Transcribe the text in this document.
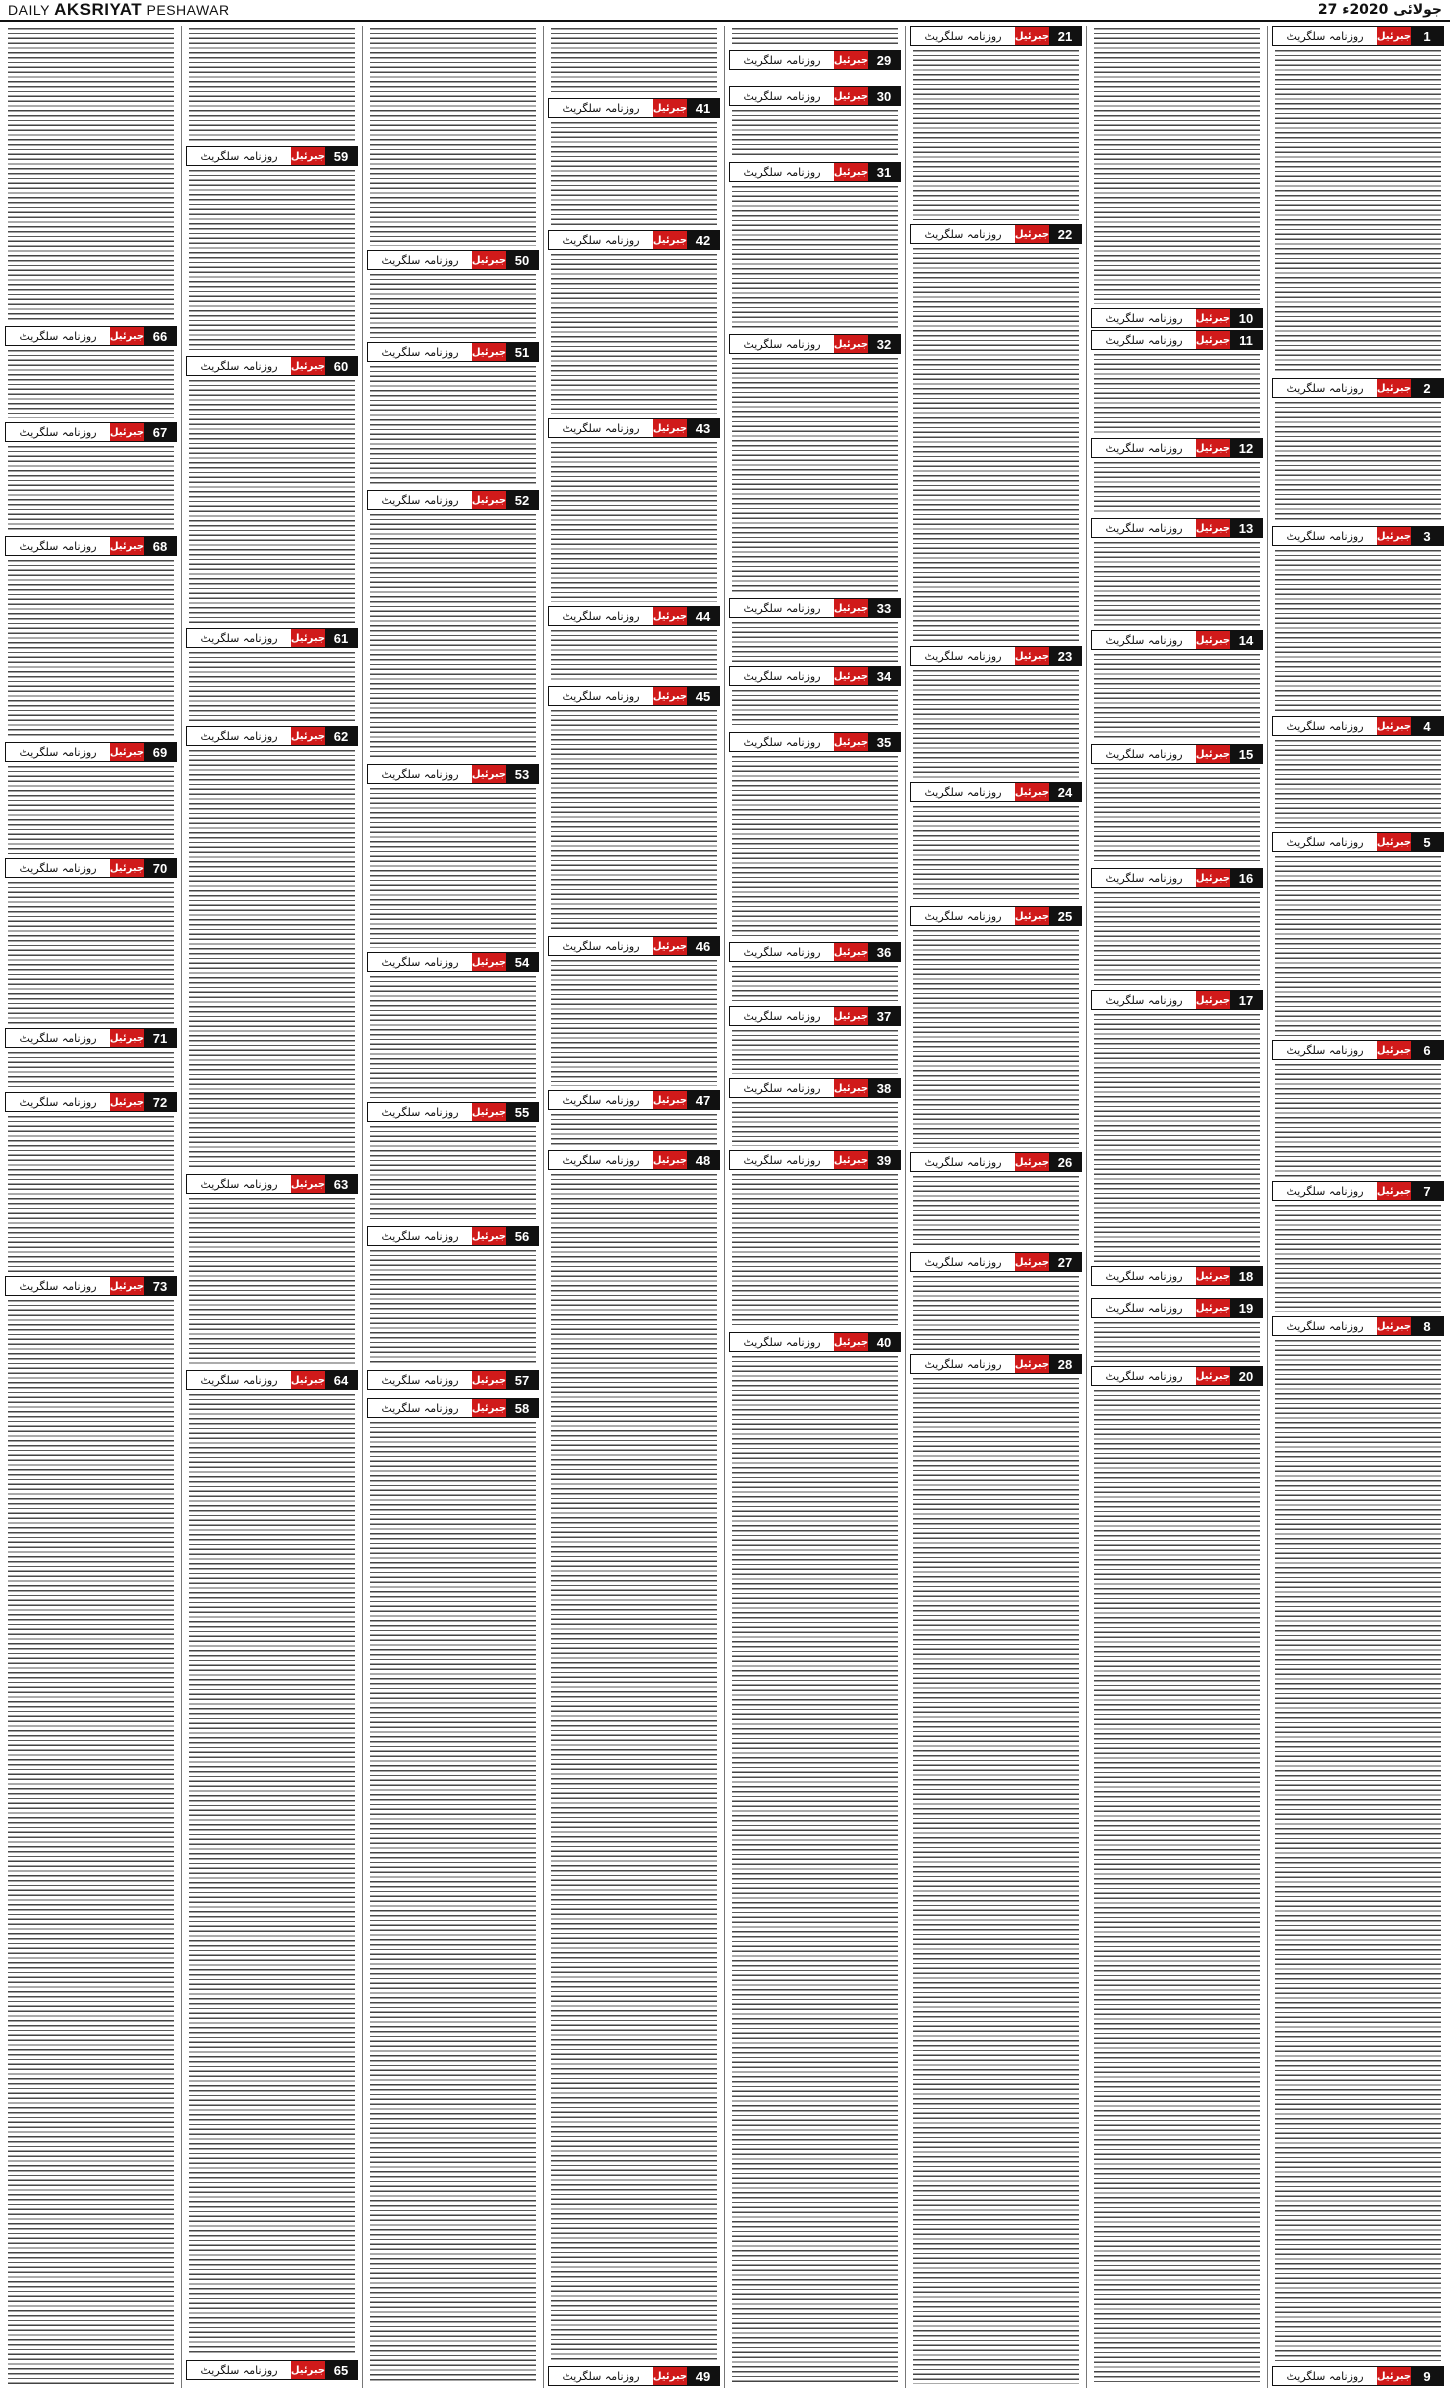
DAILY AKSRIYAT PESHAWAR	27 جولائی 2020ء
روزنامہ سلگریٹ	جبرئیل 1
روزنامہ سلگریٹ	جبرئیل 2
روزنامہ سلگریٹ	جبرئیل 3
روزنامہ سلگریٹ	جبرئیل 4
روزنامہ سلگریٹ	جبرئیل 5
روزنامہ سلگریٹ	جبرئیل 6
روزنامہ سلگریٹ	جبرئیل 7
روزنامہ سلگریٹ	جبرئیل 8
روزنامہ سلگریٹ	جبرئیل 9
روزنامہ سلگریٹ	جبرئیل 10
روزنامہ سلگریٹ	جبرئیل 11
روزنامہ سلگریٹ	جبرئیل 12
روزنامہ سلگریٹ	جبرئیل 13
روزنامہ سلگریٹ	جبرئیل 14
روزنامہ سلگریٹ	جبرئیل 15
روزنامہ سلگریٹ	جبرئیل 16
روزنامہ سلگریٹ	جبرئیل 17
روزنامہ سلگریٹ	جبرئیل 18
روزنامہ سلگریٹ	جبرئیل 19
روزنامہ سلگریٹ	جبرئیل 20
روزنامہ سلگریٹ	جبرئیل 21
روزنامہ سلگریٹ	جبرئیل 22
روزنامہ سلگریٹ	جبرئیل 23
روزنامہ سلگریٹ	جبرئیل 24
روزنامہ سلگریٹ	جبرئیل 25
روزنامہ سلگریٹ	جبرئیل 26
روزنامہ سلگریٹ	جبرئیل 27
روزنامہ سلگریٹ	جبرئیل 28
روزنامہ سلگریٹ	جبرئیل 29
روزنامہ سلگریٹ	جبرئیل 30
روزنامہ سلگریٹ	جبرئیل 31
روزنامہ سلگریٹ	جبرئیل 32
روزنامہ سلگریٹ	جبرئیل 33
روزنامہ سلگریٹ	جبرئیل 34
روزنامہ سلگریٹ	جبرئیل 35
روزنامہ سلگریٹ	جبرئیل 36
روزنامہ سلگریٹ	جبرئیل 37
روزنامہ سلگریٹ	جبرئیل 38
روزنامہ سلگریٹ	جبرئیل 39
روزنامہ سلگریٹ	جبرئیل 40
روزنامہ سلگریٹ	جبرئیل 41
روزنامہ سلگریٹ	جبرئیل 42
روزنامہ سلگریٹ	جبرئیل 43
روزنامہ سلگریٹ	جبرئیل 44
روزنامہ سلگریٹ	جبرئیل 45
روزنامہ سلگریٹ	جبرئیل 46
روزنامہ سلگریٹ	جبرئیل 47
روزنامہ سلگریٹ	جبرئیل 48
روزنامہ سلگریٹ	جبرئیل 49
روزنامہ سلگریٹ	جبرئیل 50
روزنامہ سلگریٹ	جبرئیل 51
روزنامہ سلگریٹ	جبرئیل 52
روزنامہ سلگریٹ	جبرئیل 53
روزنامہ سلگریٹ	جبرئیل 54
روزنامہ سلگریٹ	جبرئیل 55
روزنامہ سلگریٹ	جبرئیل 56
روزنامہ سلگریٹ	جبرئیل 57
روزنامہ سلگریٹ	جبرئیل 58
روزنامہ سلگریٹ	جبرئیل 59
روزنامہ سلگریٹ	جبرئیل 60
روزنامہ سلگریٹ	جبرئیل 61
روزنامہ سلگریٹ	جبرئیل 62
روزنامہ سلگریٹ	جبرئیل 63
روزنامہ سلگریٹ	جبرئیل 64
روزنامہ سلگریٹ	جبرئیل 65
روزنامہ سلگریٹ	جبرئیل 66
روزنامہ سلگریٹ	جبرئیل 67
روزنامہ سلگریٹ	جبرئیل 68
روزنامہ سلگریٹ	جبرئیل 69
روزنامہ سلگریٹ	جبرئیل 70
روزنامہ سلگریٹ	جبرئیل 71
روزنامہ سلگریٹ	جبرئیل 72
روزنامہ سلگریٹ	جبرئیل 73
